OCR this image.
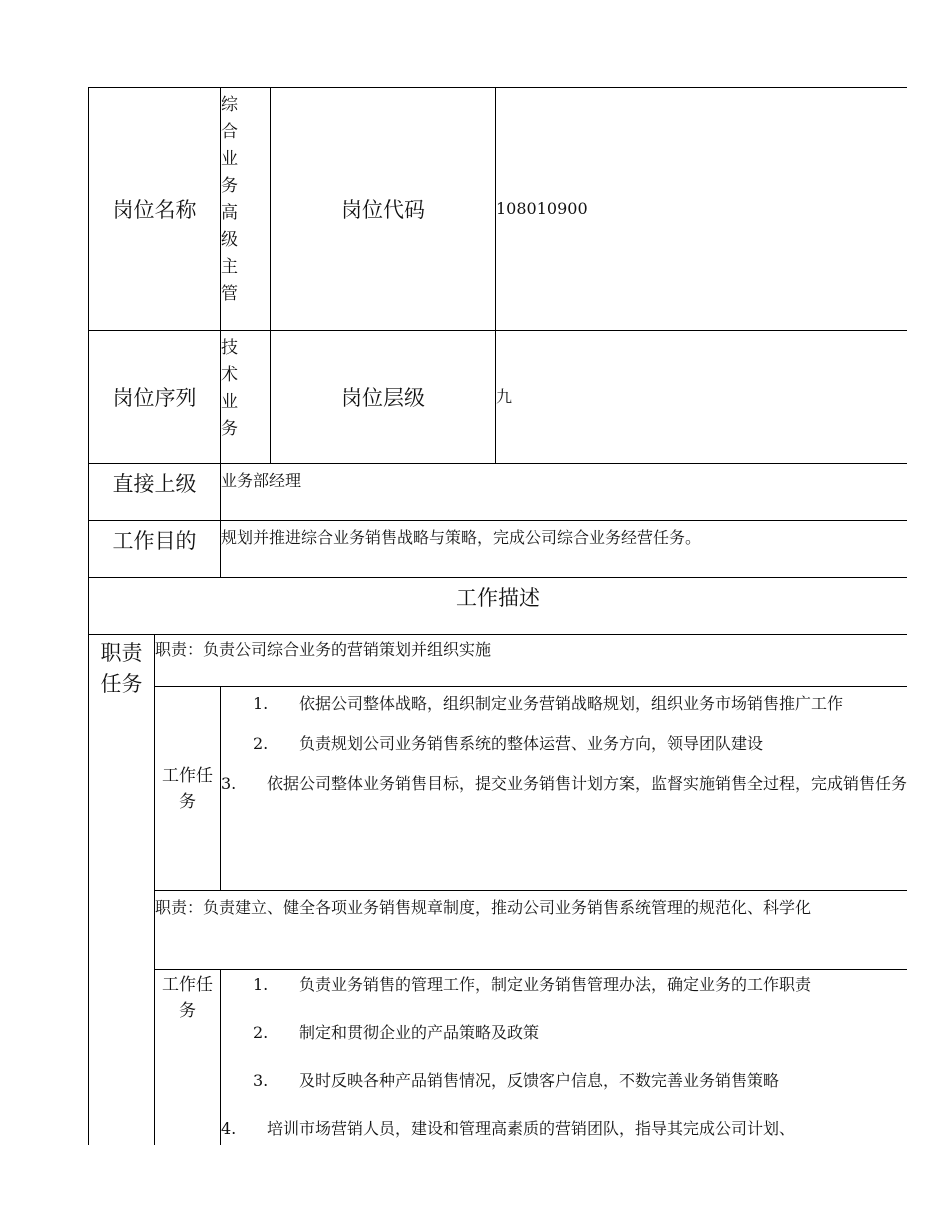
岗位名称		综合业务高级主管	岗位代码	108010900
岗位序列		技术业务	岗位层级	九
直接上级		业务部经理		
工作目的		规划并推进综合业务销售战略与策略，完成公司综合业务经营任务。		
工作描述				

职责任务	职责：负责公司综合业务的营销策划并组织实施			

	工作任务	1. 依据公司整体战略，组织制定业务营销战略规划，组织业务市场销售推广工作
2. 负责规划公司业务销售系统的整体运营、业务方向，领导团队建设
3. 依据公司整体业务销售目标，提交业务销售计划方案，监督实施销售全过程，完成销售任务		

	职责：负责建立、健全各项业务销售规章制度，推动公司业务销售系统管理的规范化、科学化			

	工作任务	1. 负责业务销售的管理工作，制定业务销售管理办法，确定业务的工作职责
2. 制定和贯彻企业的产品策略及政策
3. 及时反映各种产品销售情况，反馈客户信息，不数完善业务销售策略
4. 培训市场营销人员，建设和管理高素质的营销团队，指导其完成公司计划、		
